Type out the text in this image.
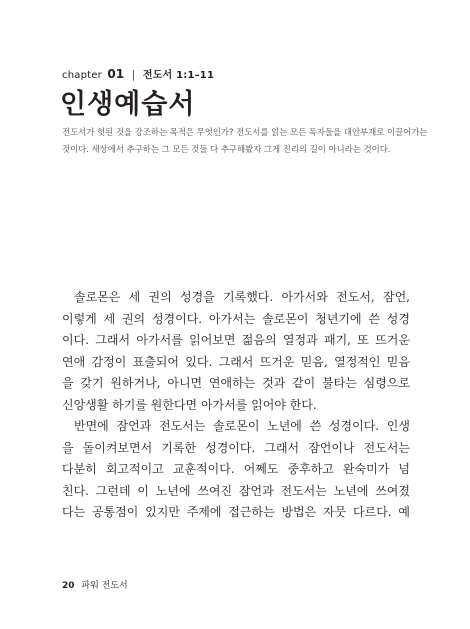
chapter 01 | 전도서 1:1–11
인생예습서
전도서가 헛된 것을 강조하는 목적은 무엇인가? 전도서를 읽는 모든 독자들을 대안부재로 이끌어가는
것이다. 세상에서 추구하는 그 모든 것들 다 추구해봤자 그게 진리의 길이 아니라는 것이다.
솔로몬은 세 권의 성경을 기록했다. 아가서와 전도서, 잠언,
이렇게 세 권의 성경이다. 아가서는 솔로몬이 청년기에 쓴 성경
이다. 그래서 아가서를 읽어보면 젊음의 열정과 패기, 또 뜨거운
연애 감정이 표출되어 있다. 그래서 뜨거운 믿음, 열정적인 믿음
을 갖기 원하거나, 아니면 연애하는 것과 같이 불타는 심령으로
신앙생활 하기를 원한다면 아가서를 읽어야 한다.
반면에 잠언과 전도서는 솔로몬이 노년에 쓴 성경이다. 인생
을 돌이켜보면서 기록한 성경이다. 그래서 잠언이나 전도서는
다분히 회고적이고 교훈적이다. 어쩨도 중후하고 완숙미가 넘
친다. 그런데 이 노년에 쓰여진 잠언과 전도서는 노년에 쓰여졌
다는 공통점이 있지만 주제에 접근하는 방법은 자뭇 다르다. 예
20 파워 전도서
